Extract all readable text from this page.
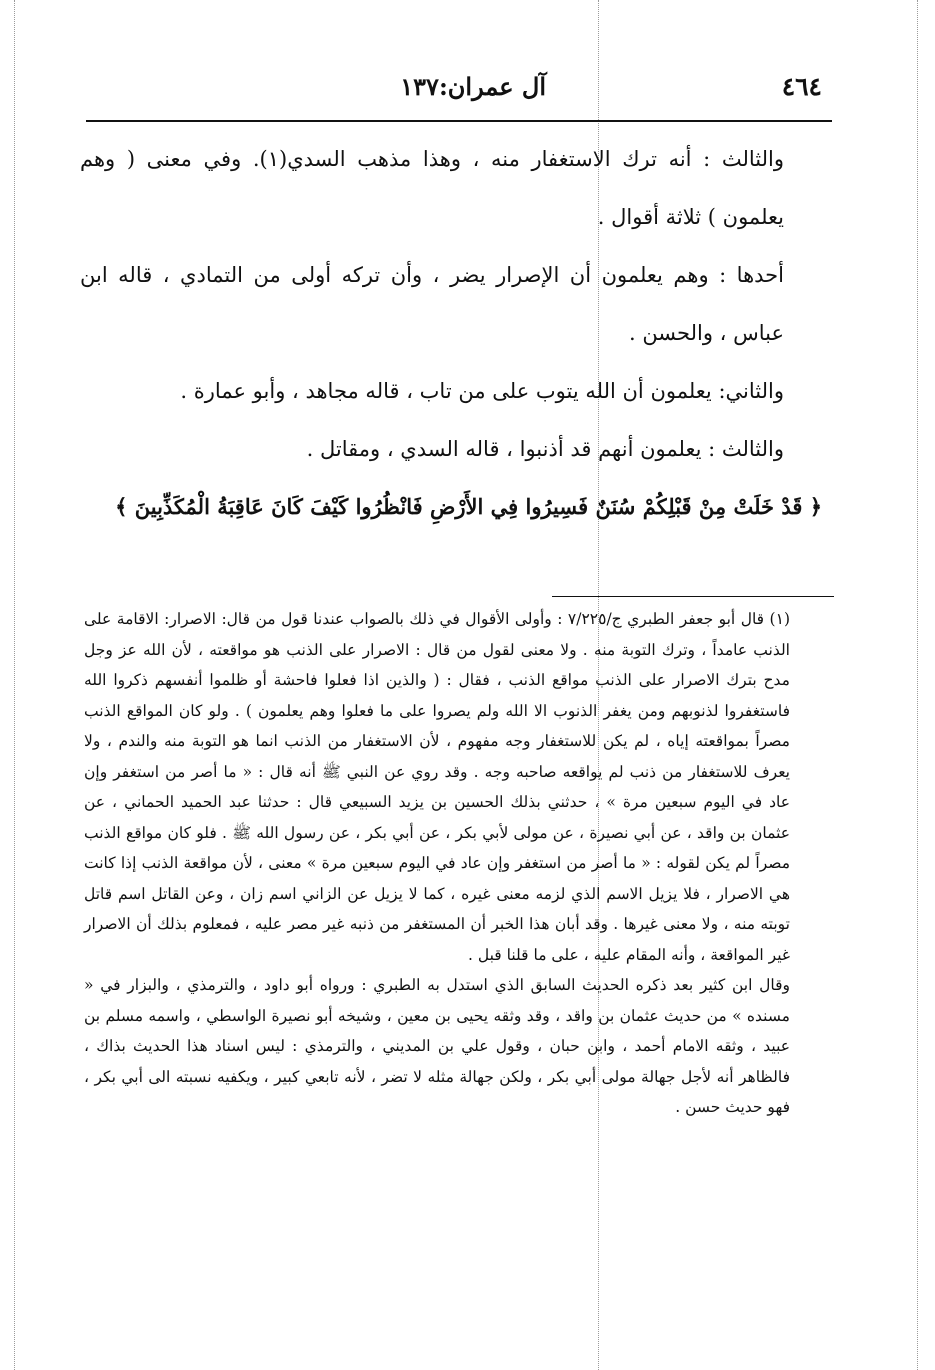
٤٦٤
آل عمران:١٣٧

والثالث : أنه ترك الاستغفار منه ، وهذا مذهب السدي(١). وفي معنى ( وهم يعلمون ) ثلاثة أقوال .

أحدها : وهم يعلمون أن الإصرار يضر ، وأن تركه أولى من التمادي ، قاله ابن عباس ، والحسن .

والثاني: يعلمون أن الله يتوب على من تاب ، قاله مجاهد ، وأبو عمارة .

والثالث : يعلمون أنهم قد أذنبوا ، قاله السدي ، ومقاتل .

﴿ قَدْ خَلَتْ مِنْ قَبْلِكُمْ سُنَنٌ فَسِيرُوا فِي الأَرْضِ فَانْظُرُوا كَيْفَ كَانَ عَاقِبَةُ الْمُكَذِّبِينَ ﴾

(١) قال أبو جعفر الطبري ج/٧/٢٢٥ : وأولى الأقوال في ذلك بالصواب عندنا قول من قال: الاصرار: الاقامة على الذنب عامداً ، وترك التوبة منه . ولا معنى لقول من قال : الاصرار على الذنب هو مواقعته ، لأن الله عز وجل مدح بترك الاصرار على الذنب مواقع الذنب ، فقال : ( والذين اذا فعلوا فاحشة أو ظلموا أنفسهم ذكروا الله فاستغفروا لذنوبهم ومن يغفر الذنوب الا الله ولم يصروا على ما فعلوا وهم يعلمون ) . ولو كان المواقع الذنب مصراً بمواقعته إياه ، لم يكن للاستغفار وجه مفهوم ، لأن الاستغفار من الذنب انما هو التوبة منه والندم ، ولا يعرف للاستغفار من ذنب لم يواقعه صاحبه وجه . وقد روي عن النبي ﷺ أنه قال : « ما أصر من استغفر وإن عاد في اليوم سبعين مرة » ، حدثني بذلك الحسين بن يزيد السبيعي قال : حدثنا عبد الحميد الحماني ، عن عثمان بن واقد ، عن أبي نصيرة ، عن مولى لأبي بكر ، عن أبي بكر ، عن رسول الله ﷺ . فلو كان مواقع الذنب مصراً لم يكن لقوله : « ما أصر من استغفر وإن عاد في اليوم سبعين مرة » معنى ، لأن مواقعة الذنب إذا كانت هي الاصرار ، فلا يزيل الاسم الذي لزمه معنى غيره ، كما لا يزيل عن الزاني اسم زان ، وعن القاتل اسم قاتل توبته منه ، ولا معنى غيرها . وقد أبان هذا الخبر أن المستغفر من ذنبه غير مصر عليه ، فمعلوم بذلك أن الاصرار غير المواقعة ، وأنه المقام عليه ، على ما قلنا قبل .

وقال ابن كثير بعد ذكره الحديث السابق الذي استدل به الطبري : ورواه أبو داود ، والترمذي ، والبزار في « مسنده » من حديث عثمان بن واقد ، وقد وثقه يحيى بن معين ، وشيخه أبو نصيرة الواسطي ، واسمه مسلم بن عبيد ، وثقه الامام أحمد ، وابن حبان ، وقول علي بن المديني ، والترمذي : ليس اسناد هذا الحديث بذاك ، فالظاهر أنه لأجل جهالة مولى أبي بكر ، ولكن جهالة مثله لا تضر ، لأنه تابعي كبير ، ويكفيه نسبته الى أبي بكر ، فهو حديث حسن .
